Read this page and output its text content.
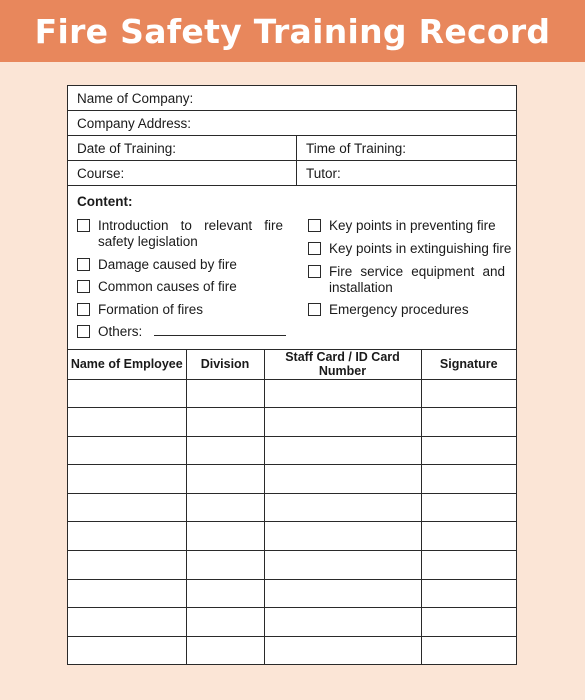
Fire Safety Training Record
Name of Company:
Company Address:
Date of Training:	Time of Training:
Course:	Tutor:
Content:
Introduction to relevant fire safety legislation
Damage caused by fire
Common causes of fire
Formation of fires
Others:
Key points in preventing fire
Key points in extinguishing fire
Fire service equipment and installation
Emergency procedures
Name of Employee	Division	Staff Card / ID Card Number	Signature
